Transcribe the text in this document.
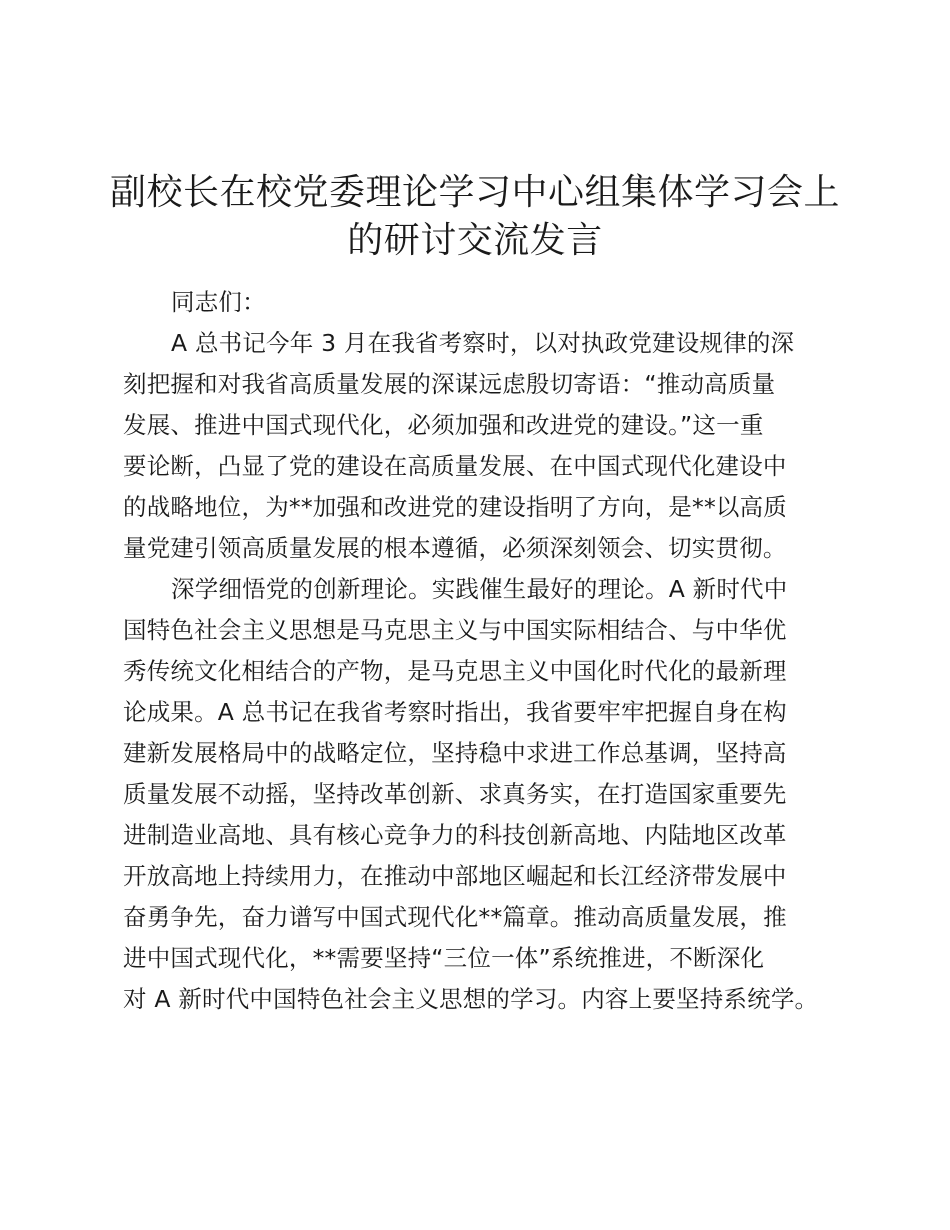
副校长在校党委理论学习中心组集体学习会上
的研讨交流发言

同志们：

A 总书记今年 3 月在我省考察时，以对执政党建设规律的深

刻把握和对我省高质量发展的深谋远虑殷切寄语：“推动高质量

发展、推进中国式现代化，必须加强和改进党的建设。”这一重

要论断，凸显了党的建设在高质量发展、在中国式现代化建设中

的战略地位，为**加强和改进党的建设指明了方向，是**以高质

量党建引领高质量发展的根本遵循，必须深刻领会、切实贯彻。

深学细悟党的创新理论。实践催生最好的理论。A 新时代中

国特色社会主义思想是马克思主义与中国实际相结合、与中华优

秀传统文化相结合的产物，是马克思主义中国化时代化的最新理

论成果。A 总书记在我省考察时指出，我省要牢牢把握自身在构

建新发展格局中的战略定位，坚持稳中求进工作总基调，坚持高

质量发展不动摇，坚持改革创新、求真务实，在打造国家重要先

进制造业高地、具有核心竞争力的科技创新高地、内陆地区改革

开放高地上持续用力，在推动中部地区崛起和长江经济带发展中

奋勇争先，奋力谱写中国式现代化**篇章。推动高质量发展，推

进中国式现代化，**需要坚持“三位一体”系统推进，不断深化

对 A 新时代中国特色社会主义思想的学习。内容上要坚持系统学。
